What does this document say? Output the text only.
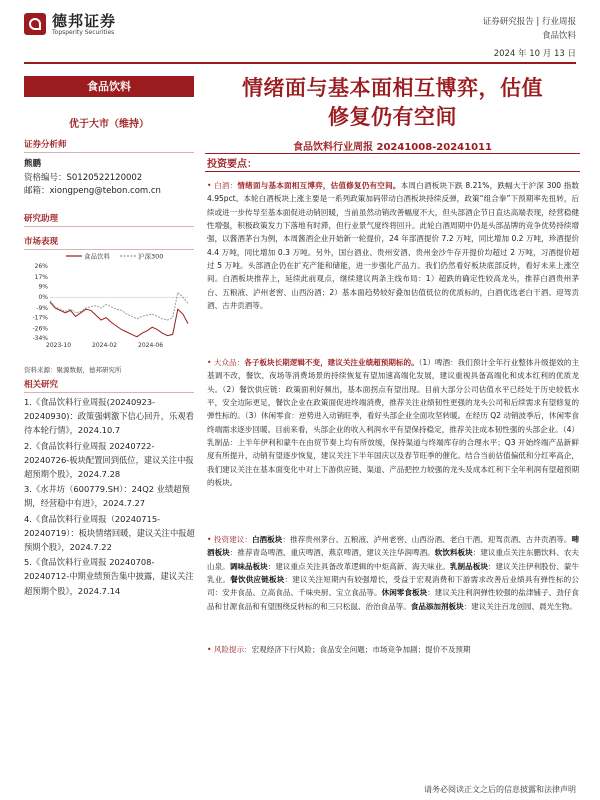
德邦证券
Topsperity Securities
证券研究报告 | 行业周报
食品饮料
2024 年 10 月 13 日
食品饮料
优于大市（维持）
证券分析师
熊鹏
资格编号：S0120522120002
邮箱：xiongpeng@tebon.com.cn
研究助理
市场表现
食品饮料	沪深300
26%
17%
9%
0%
-9%
-17%
-26%
-34%
2023-10	2024-02	2024-06
资料来源：聚源数据，德邦研究所
相关研究
1.《食品饮料行业周报(20240923-20240930)：政策强刺激下信心回升，乐观看待本轮行情》，2024.10.7
2.《食品饮料行业周报 20240722-20240726-板块配置回到低位，建议关注中报超预期个股》，2024.7.28
3.《水井坊（600779.SH）：24Q2 业绩超预期，经营稳中有进》，2024.7.27
4.《食品饮料行业周报（20240715-20240719）：板块情绪回暖，建议关注中报超预期个股》，2024.7.22
5.《食品饮料行业周报 20240708-20240712-中期业绩预告集中披露，建议关注超预期个股》，2024.7.14
情绪面与基本面相互博弈，估值
修复仍有空间
食品饮料行业周报 20241008-20241011
投资要点：
• 白酒：情绪面与基本面相互博弈，估值修复仍有空间。本周白酒板块下跌 8.21%，跌幅大于沪深 300 指数 4.95pct。本轮白酒板块上涨主要是一系列政策加码带动白酒板块持续反弹，政策“组合拳”下预期率先扭转，后续或进一步传导至基本面促进动销回暖，当前虽然动销改善幅度不大，但头部酒企节日直达高端表现，经营稳健性增强，积极政策发力下落地有时滞，但行业景气度终将回升。此轮白酒周期中仍是头部品牌的竞争优势持续增强，以酱酒茅台为例，本周酱酒企业开始新一轮提价，24 年部酒提价 7.2 万吨，同比增加 0.2 万吨，珍酒提价 4.4 万吨，同比增加 0.3 万吨。另外，国台酒业、贵州安酒、贵州金沙牛存开提价均超过 2 万吨，习酒提价超过 5 万吨。头部酒企仍在扩充产能和储能，进一步强化产品力。我们仍然看好板块底部反转，看好未来上涨空间。白酒板块推荐上，延续此前观点，继续建议两条主线布局：1）超跌的确定性较高龙头，推荐白酒贵州茅台、五粮液、泸州老窖、山西汾酒；2）基本面趋势较好叠加估值低位的优质标的，白酒优选老白干酒、迎驾贡酒、古井贡酒等。
• 大众品：各子板块长期逻辑不变，建议关注业绩超预期标的。（1）啤酒：我们预计全年行业整体升级提效的主基调不改，餐饮、夜场等消费场景的持续恢复有望加速高端化发展，建议重视具备高端化和成本红利的优质龙头。（2）餐饮供应链：政策面利好频出，基本面拐点有望出现。目前大部分公司估值水平已经处于历史较低水平，安全边际更足，餐饮企业在政策面促进终端消费，推荐关注业绩韧性更强的龙头公司和后续需求有望修复的弹性标的。（3）休闲零食：逆势进入动销旺季，看好头部企业全面攻坚转暖。在经历 Q2 动销波季后，休闲零食终端需求逐步回暖。目前来看，头部企业的收入利润水平有望保持稳定，推荐关注成本韧性强的头部企业。（4）乳制品：上半年伊利和蒙牛在由贸节奏上均有所放缓，保持渠道与终端库存的合理水平；Q3 开始终端产品新鲜度有所提升，动销有望逐步恢复，建议关注下半年国庆以及春节旺季的催化。结合当前估值偏低和分红率高企，我们建议关注在基本面变化中对上下游供应链、渠道、产品把控力较强的龙头及成本红利下全年利润有望超预期的板块。
• 投资建议：白酒板块：推荐贵州茅台、五粮液、泸州老窖、山西汾酒、老白干酒、迎驾贡酒、古井贡酒等。啤酒板块：推荐青岛啤酒、重庆啤酒、燕京啤酒，建议关注华润啤酒。软饮料板块：建议重点关注东鹏饮料、农夫山泉。调味品板块：建议重点关注具备改革逻辑的中炬高新、海天味业。乳制品板块：建议关注伊利股份、蒙牛乳业。餐饮供应链板块：建议关注短期内有较强增长，受益于宏观消费和下游需求改善后业绩具有弹性标的公司：安井食品、立高食品、千味央厨、宝立食品等。休闲零食板块：建议关注利润弹性较强的盐津铺子、劲仔食品和甘源食品和有望围绕反转标的和三只松鼠、治治食品等。食品添加剂板块：建议关注百龙创园、晨光生物。
• 风险提示：宏观经济下行风险；食品安全问题；市场竞争加剧；提价不及预期
请务必阅读正文之后的信息披露和法律声明
